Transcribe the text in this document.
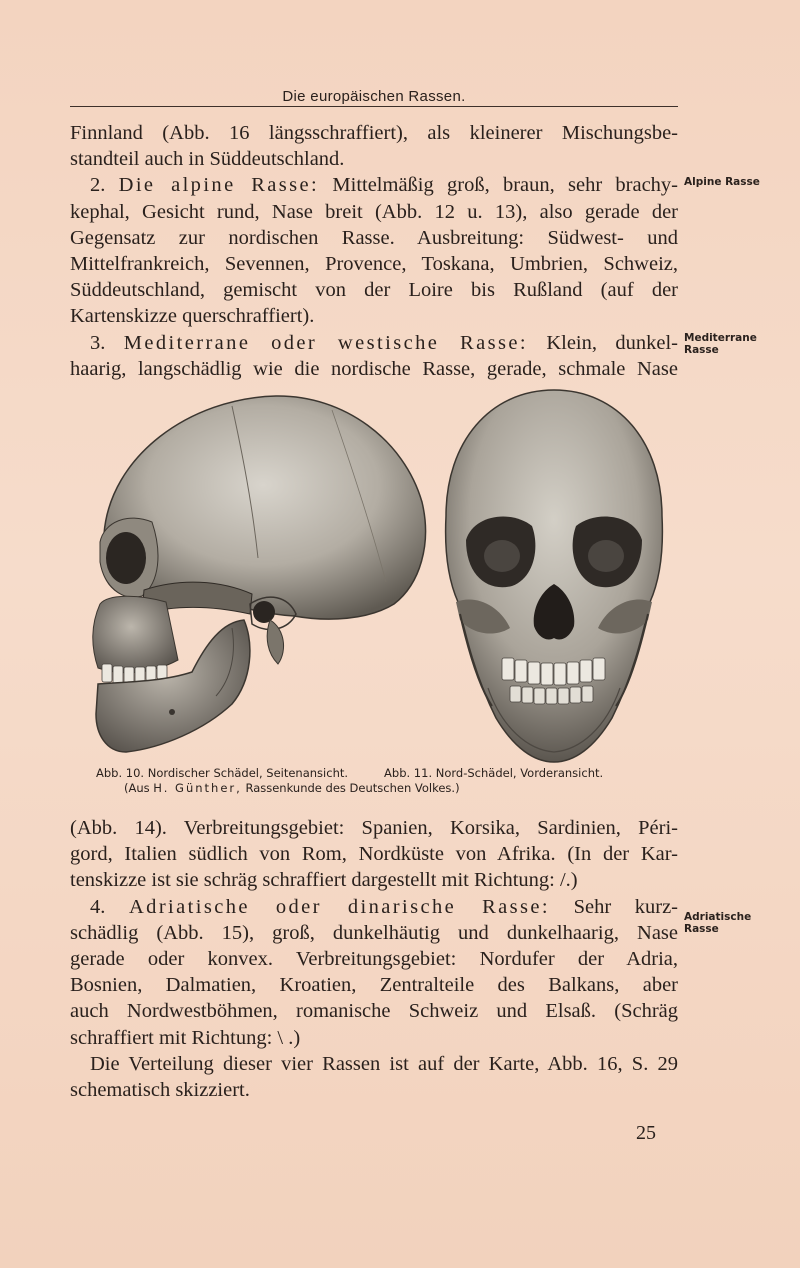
Die europäischen Rassen.

Finnland (Abb. 16 längsschraffiert), als kleinerer Mischungsbe-
standteil auch in Süddeutschland.

2. Die alpine Rasse: Mittelmäßig groß, braun, sehr brachy-
kephal, Gesicht rund, Nase breit (Abb. 12 u. 13), also gerade der
Gegensatz zur nordischen Rasse. Ausbreitung: Südwest- und
Mittelfrankreich, Sevennen, Provence, Toskana, Umbrien, Schweiz,
Süddeutschland, gemischt von der Loire bis Rußland (auf der
Kartenskizze querschraffiert).

3. Mediterrane oder westische Rasse: Klein, dunkel-
haarig, langschädlig wie die nordische Rasse, gerade, schmale Nase

Alpine Rasse
Mediterrane
Rasse
Adriatische
Rasse
Abb. 10. Nordischer Schädel, Seitenansicht.	Abb. 11. Nord-Schädel, Vorderansicht.
(Aus H. Günther, Rassenkunde des Deutschen Volkes.)

(Abb. 14). Verbreitungsgebiet: Spanien, Korsika, Sardinien, Péri-
gord, Italien südlich von Rom, Nordküste von Afrika. (In der Kar-
tenskizze ist sie schräg schraffiert dargestellt mit Richtung: /.)

4. Adriatische oder dinarische Rasse: Sehr kurz-
schädlig (Abb. 15), groß, dunkelhäutig und dunkelhaarig, Nase
gerade oder konvex. Verbreitungsgebiet: Nordufer der Adria,
Bosnien, Dalmatien, Kroatien, Zentralteile des Balkans, aber
auch Nordwestböhmen, romanische Schweiz und Elsaß. (Schräg
schraffiert mit Richtung: \ .)

Die Verteilung dieser vier Rassen ist auf der Karte, Abb. 16, S. 29
schematisch skizziert.

25
